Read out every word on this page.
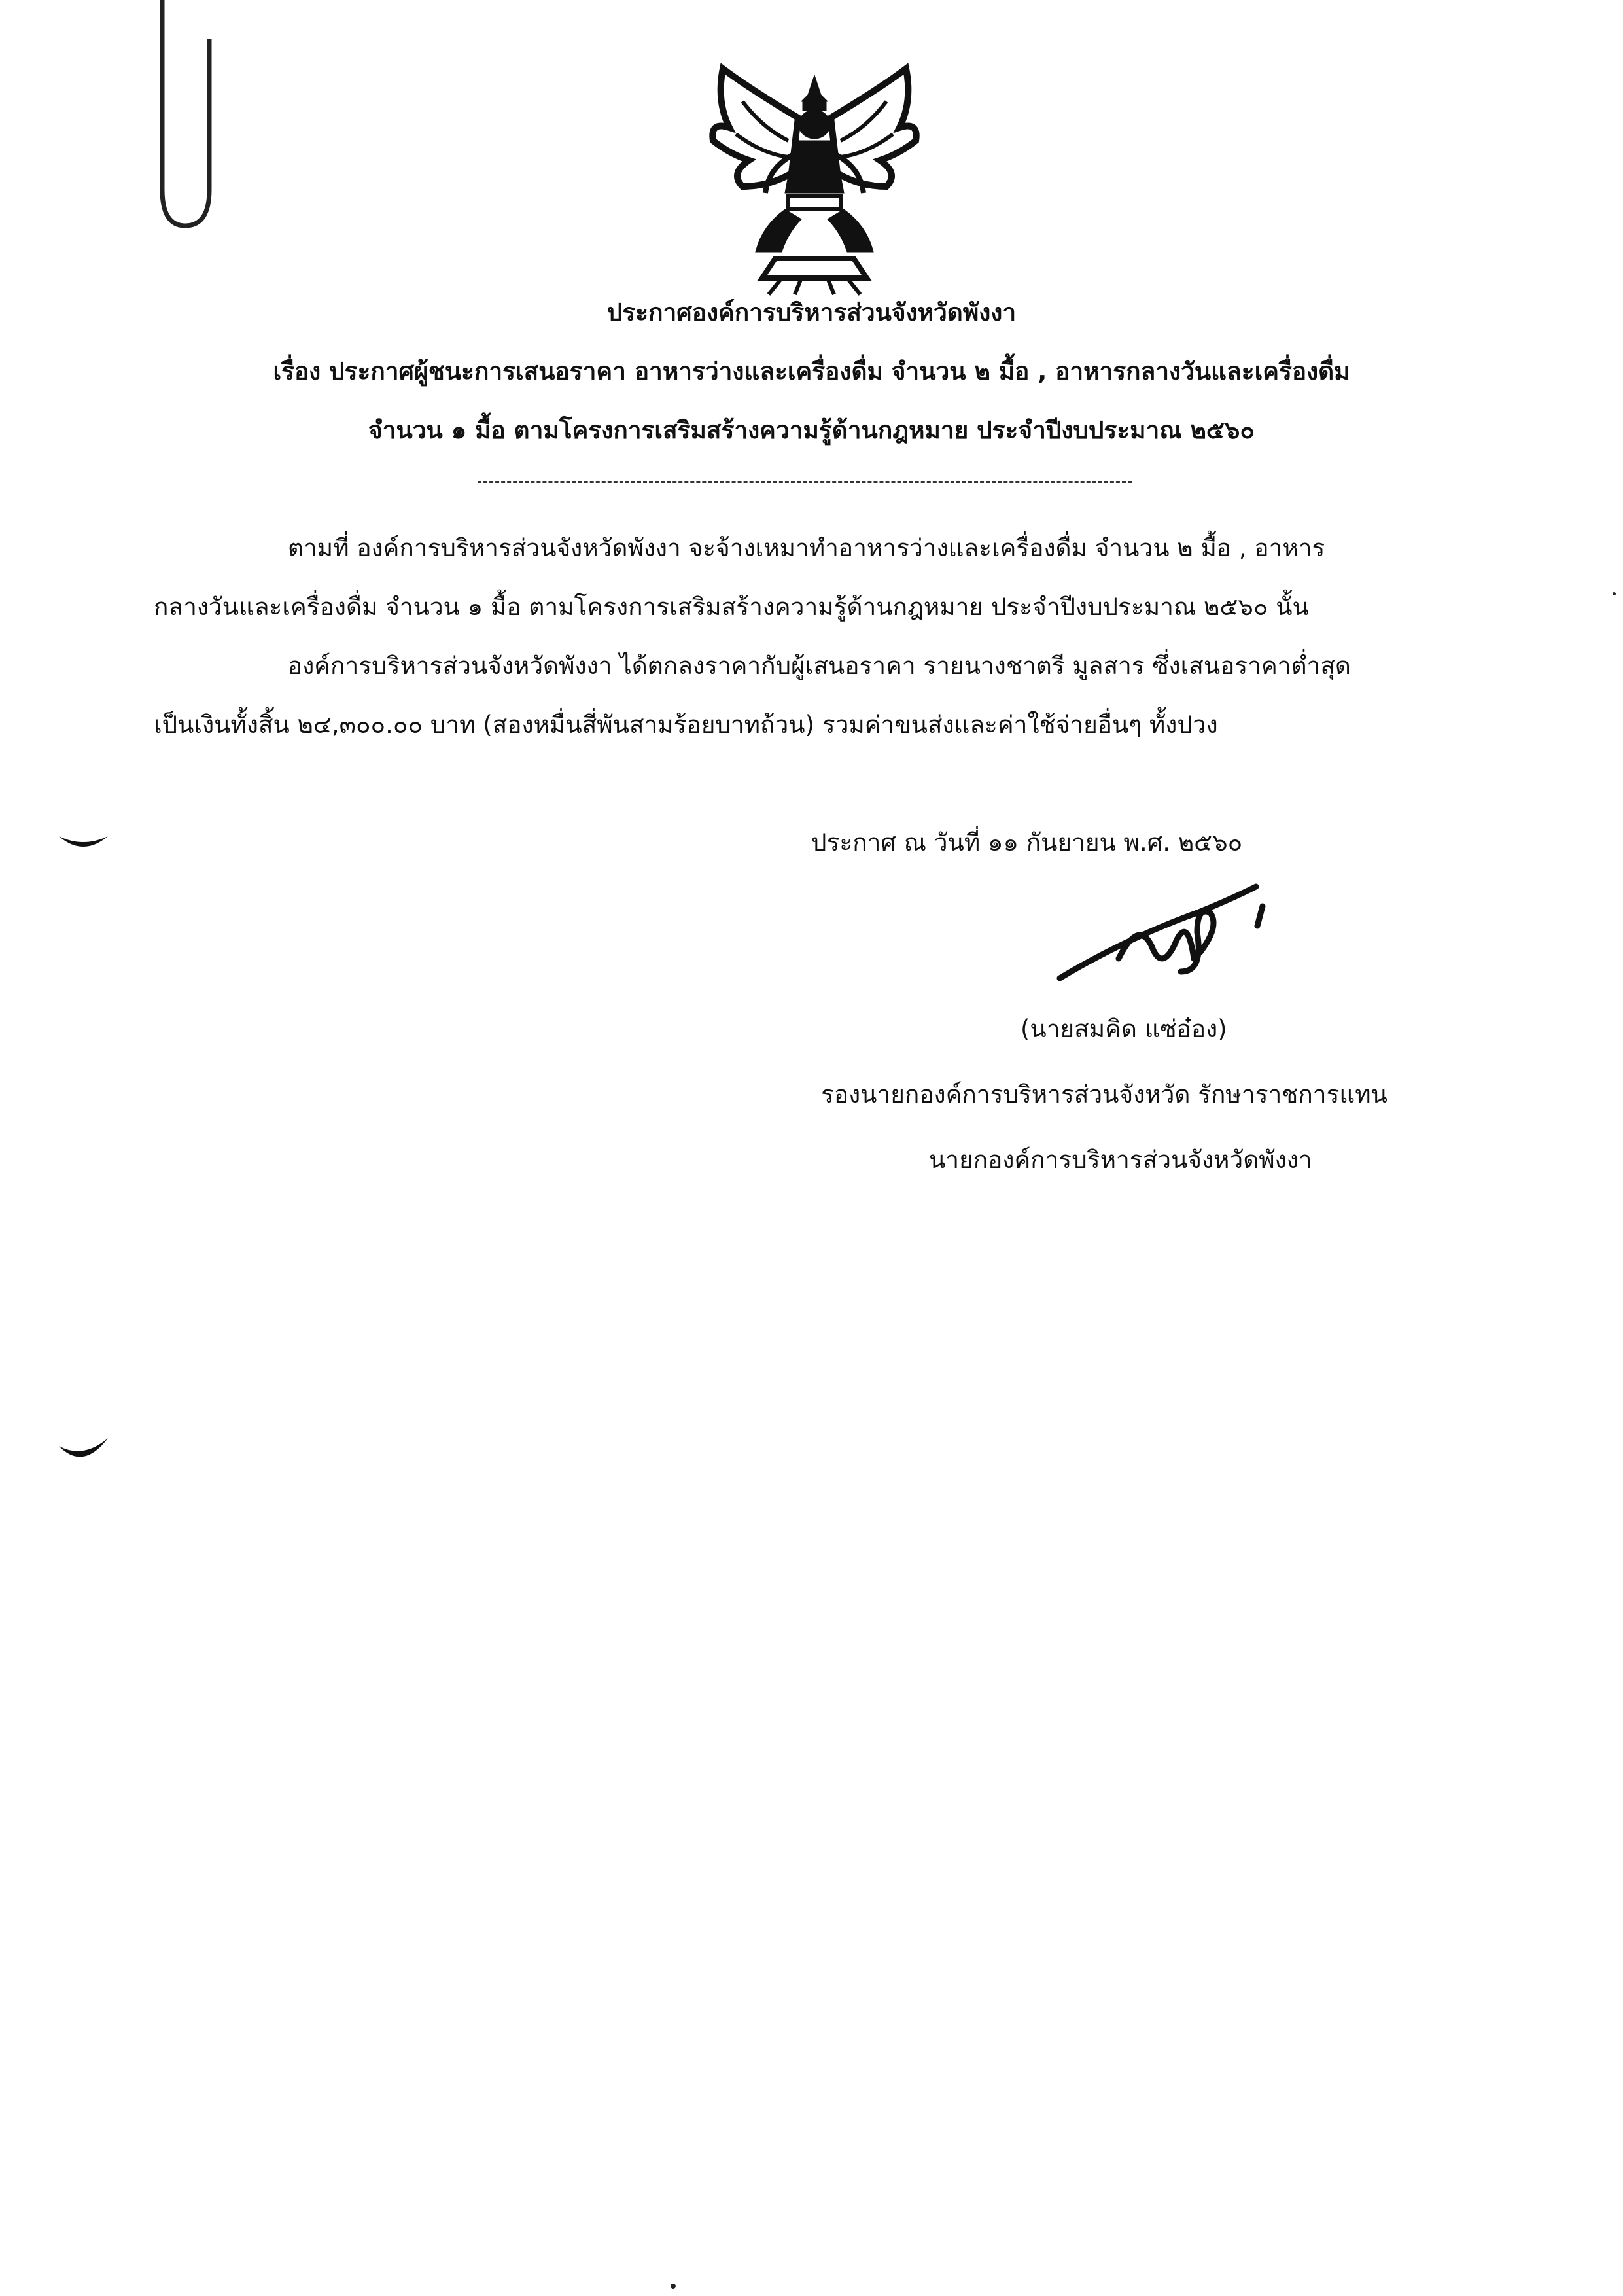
ประกาศองค์การบริหารส่วนจังหวัดพังงา
เรื่อง ประกาศผู้ชนะการเสนอราคา อาหารว่างและเครื่องดื่ม จำนวน ๒ มื้อ , อาหารกลางวันและเครื่องดื่ม
จำนวน ๑ มื้อ ตามโครงการเสริมสร้างความรู้ด้านกฎหมาย ประจำปีงบประมาณ ๒๕๖๐
ตามที่ องค์การบริหารส่วนจังหวัดพังงา จะจ้างเหมาทำอาหารว่างและเครื่องดื่ม จำนวน ๒ มื้อ , อาหาร
กลางวันและเครื่องดื่ม จำนวน ๑ มื้อ ตามโครงการเสริมสร้างความรู้ด้านกฎหมาย ประจำปีงบประมาณ ๒๕๖๐ นั้น
องค์การบริหารส่วนจังหวัดพังงา ได้ตกลงราคากับผู้เสนอราคา รายนางชาตรี มูลสาร ซึ่งเสนอราคาต่ำสุด
เป็นเงินทั้งสิ้น ๒๔,๓๐๐.๐๐ บาท (สองหมื่นสี่พันสามร้อยบาทถ้วน) รวมค่าขนส่งและค่าใช้จ่ายอื่นๆ ทั้งปวง
ประกาศ ณ วันที่ ๑๑ กันยายน พ.ศ. ๒๕๖๐
(นายสมคิด แซ่อ๋อง)
รองนายกองค์การบริหารส่วนจังหวัด รักษาราชการแทน
นายกองค์การบริหารส่วนจังหวัดพังงา
